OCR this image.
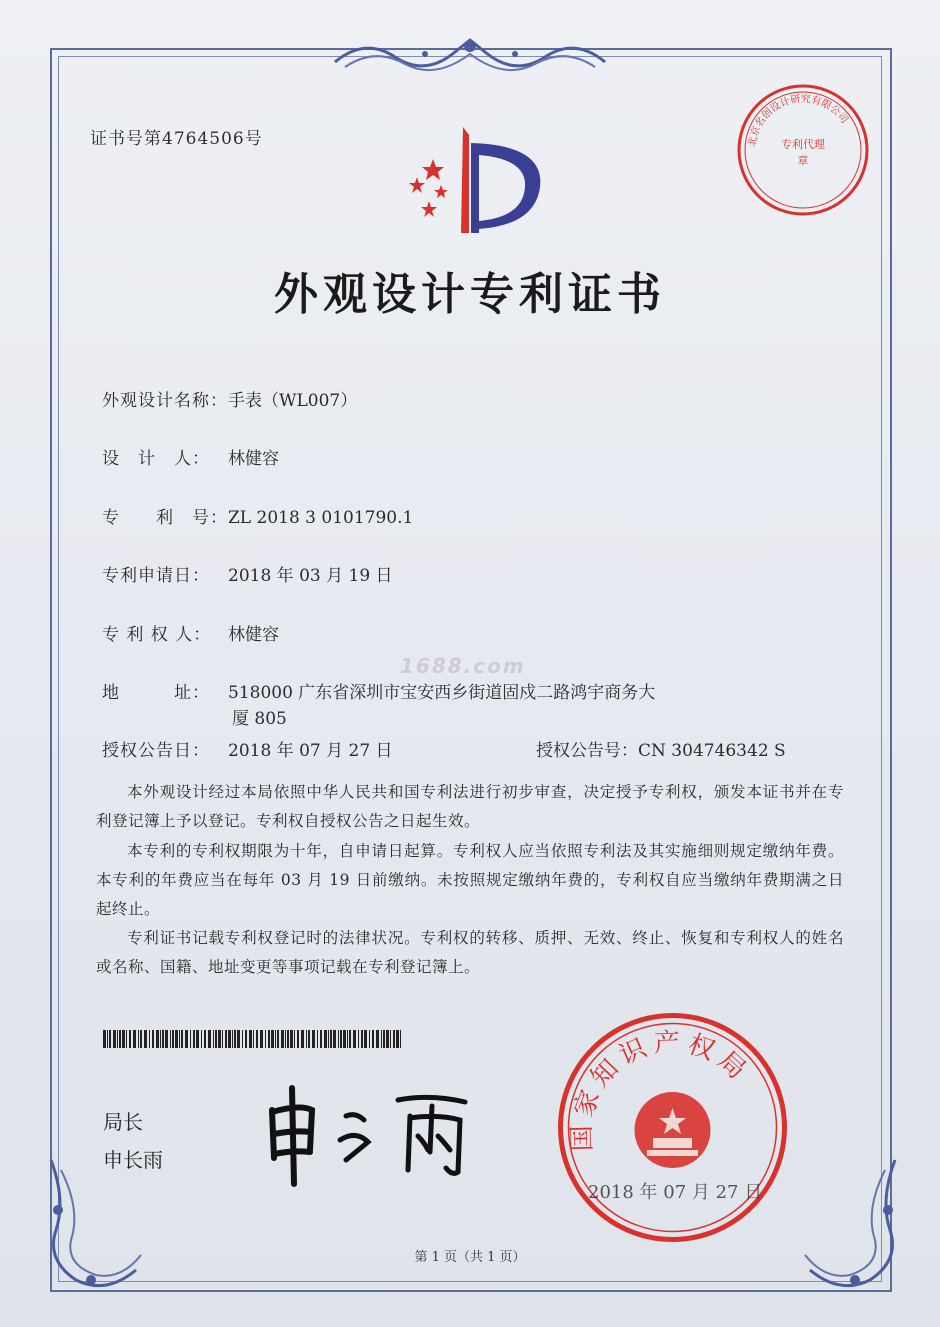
证书号第4764506号	北京名创设计研究有限公司
专利代理
章
外观设计专利证书
外观设计名称：手表（WL007）
设　计　人： 林健容
专　　利　号：ZL 2018 3 0101790.1
专利申请日： 2018 年 03 月 19 日
专 利 权 人： 林健容
1688.com
地　　　址： 518000 广东省深圳市宝安西乡街道固戍二路鸿宇商务大
厦 805
授权公告日： 2018 年 07 月 27 日	授权公告号：CN 304746342 S
本外观设计经过本局依照中华人民共和国专利法进行初步审查，决定授予专利权，颁发本证书并在专利登记簿上予以登记。专利权自授权公告之日起生效。
本专利的专利权期限为十年，自申请日起算。专利权人应当依照专利法及其实施细则规定缴纳年费。本专利的年费应当在每年 03 月 19 日前缴纳。未按照规定缴纳年费的，专利权自应当缴纳年费期满之日起终止。
专利证书记载专利权登记时的法律状况。专利权的转移、质押、无效、终止、恢复和专利权人的姓名或名称、国籍、地址变更等事项记载在专利登记簿上。
局长
申长雨
国家知识产权局
2018 年 07 月 27 日
第 1 页（共 1 页）
